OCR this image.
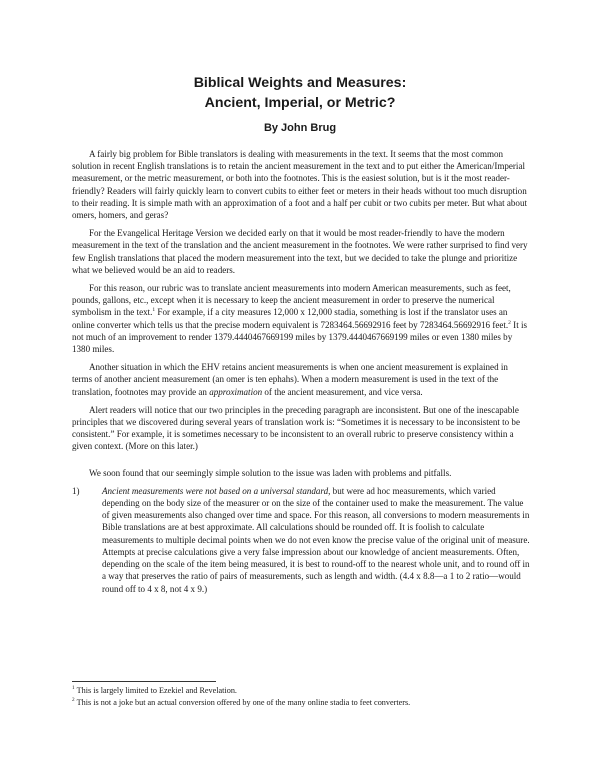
Biblical Weights and Measures:
Ancient, Imperial, or Metric?
By John Brug

A fairly big problem for Bible translators is dealing with measurements in the text. It seems that the most common solution in recent English translations is to retain the ancient measurement in the text and to put either the American/Imperial measurement, or the metric measurement, or both into the footnotes. This is the easiest solution, but is it the most reader-friendly? Readers will fairly quickly learn to convert cubits to either feet or meters in their heads without too much disruption to their reading. It is simple math with an approximation of a foot and a half per cubit or two cubits per meter. But what about omers, homers, and geras?

For the Evangelical Heritage Version we decided early on that it would be most reader-friendly to have the modern measurement in the text of the translation and the ancient measurement in the footnotes. We were rather surprised to find very few English translations that placed the modern measurement into the text, but we decided to take the plunge and prioritize what we believed would be an aid to readers.

For this reason, our rubric was to translate ancient measurements into modern American measurements, such as feet, pounds, gallons, etc., except when it is necessary to keep the ancient measurement in order to preserve the numerical symbolism in the text.$^1$ For example, if a city measures 12,000 x 12,000 stadia, something is lost if the translator uses an online converter which tells us that the precise modern equivalent is 7283464.56692916 feet by 7283464.56692916 feet.$^2$ It is not much of an improvement to render 1379.4440467669199 miles by 1379.4440467669199 miles or even 1380 miles by 1380 miles.

Another situation in which the EHV retains ancient measurements is when one ancient measurement is explained in terms of another ancient measurement (an omer is ten ephahs). When a modern measurement is used in the text of the translation, footnotes may provide an approximation of the ancient measurement, and vice versa.

Alert readers will notice that our two principles in the preceding paragraph are inconsistent. But one of the inescapable principles that we discovered during several years of translation work is: “Sometimes it is necessary to be inconsistent to be consistent.” For example, it is sometimes necessary to be inconsistent to an overall rubric to preserve consistency within a given context. (More on this later.)

We soon found that our seemingly simple solution to the issue was laden with problems and pitfalls.

1) Ancient measurements were not based on a universal standard, but were ad hoc measurements, which varied depending on the body size of the measurer or on the size of the container used to make the measurement. The value of given measurements also changed over time and space. For this reason, all conversions to modern measurements in Bible translations are at best approximate. All calculations should be rounded off. It is foolish to calculate measurements to multiple decimal points when we do not even know the precise value of the original unit of measure. Attempts at precise calculations give a very false impression about our knowledge of ancient measurements. Often, depending on the scale of the item being measured, it is best to round-off to the nearest whole unit, and to round off in a way that preserves the ratio of pairs of measurements, such as length and width. (4.4 x 8.8—a 1 to 2 ratio—would round off to 4 x 8, not 4 x 9.)
$^1$ This is largely limited to Ezekiel and Revelation.
$^2$ This is not a joke but an actual conversion offered by one of the many online stadia to feet converters.
